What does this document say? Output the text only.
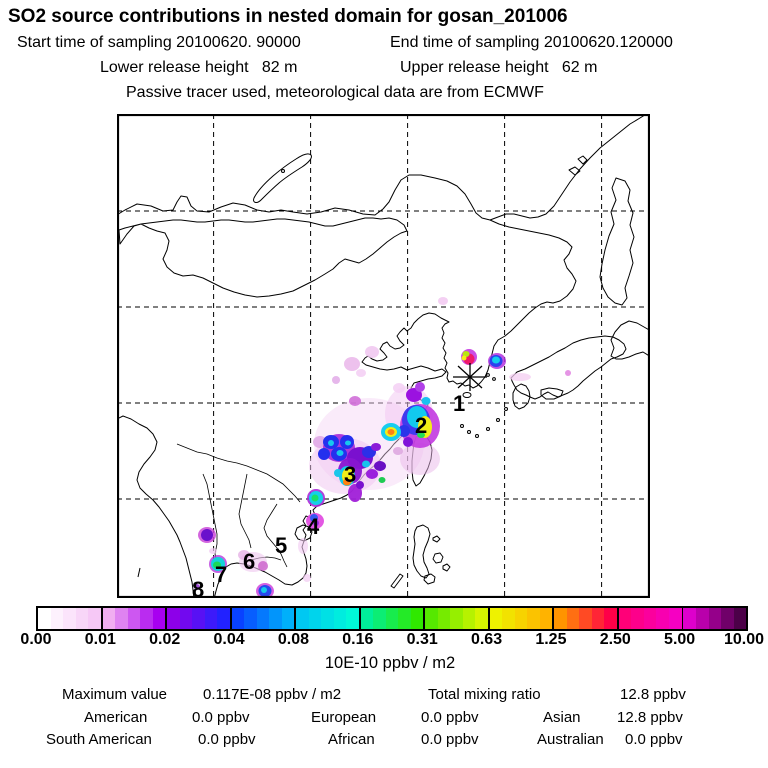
SO2 source contributions in nested domain for gosan_201006
Start time of sampling 20100620. 90000	End time of sampling 20100620.120000
Lower release height   82 m	Upper release height   62 m
Passive tracer used, meteorological data are from ECMWF
1
2
3
4
5
6
7
8
0.00	0.01	0.02	0.04	0.08	0.16	0.31	0.63	1.25	2.50	5.00	10.00
10E-10 ppbv / m2
Maximum value 0.117E-08 ppbv / m2	Total mixing ratio	12.8 ppbv
American	0.0 ppbv	European	0.0 ppbv	Asian 12.8 ppbv
South American	0.0 ppbv	African	0.0 ppbv	Australian 0.0 ppbv
